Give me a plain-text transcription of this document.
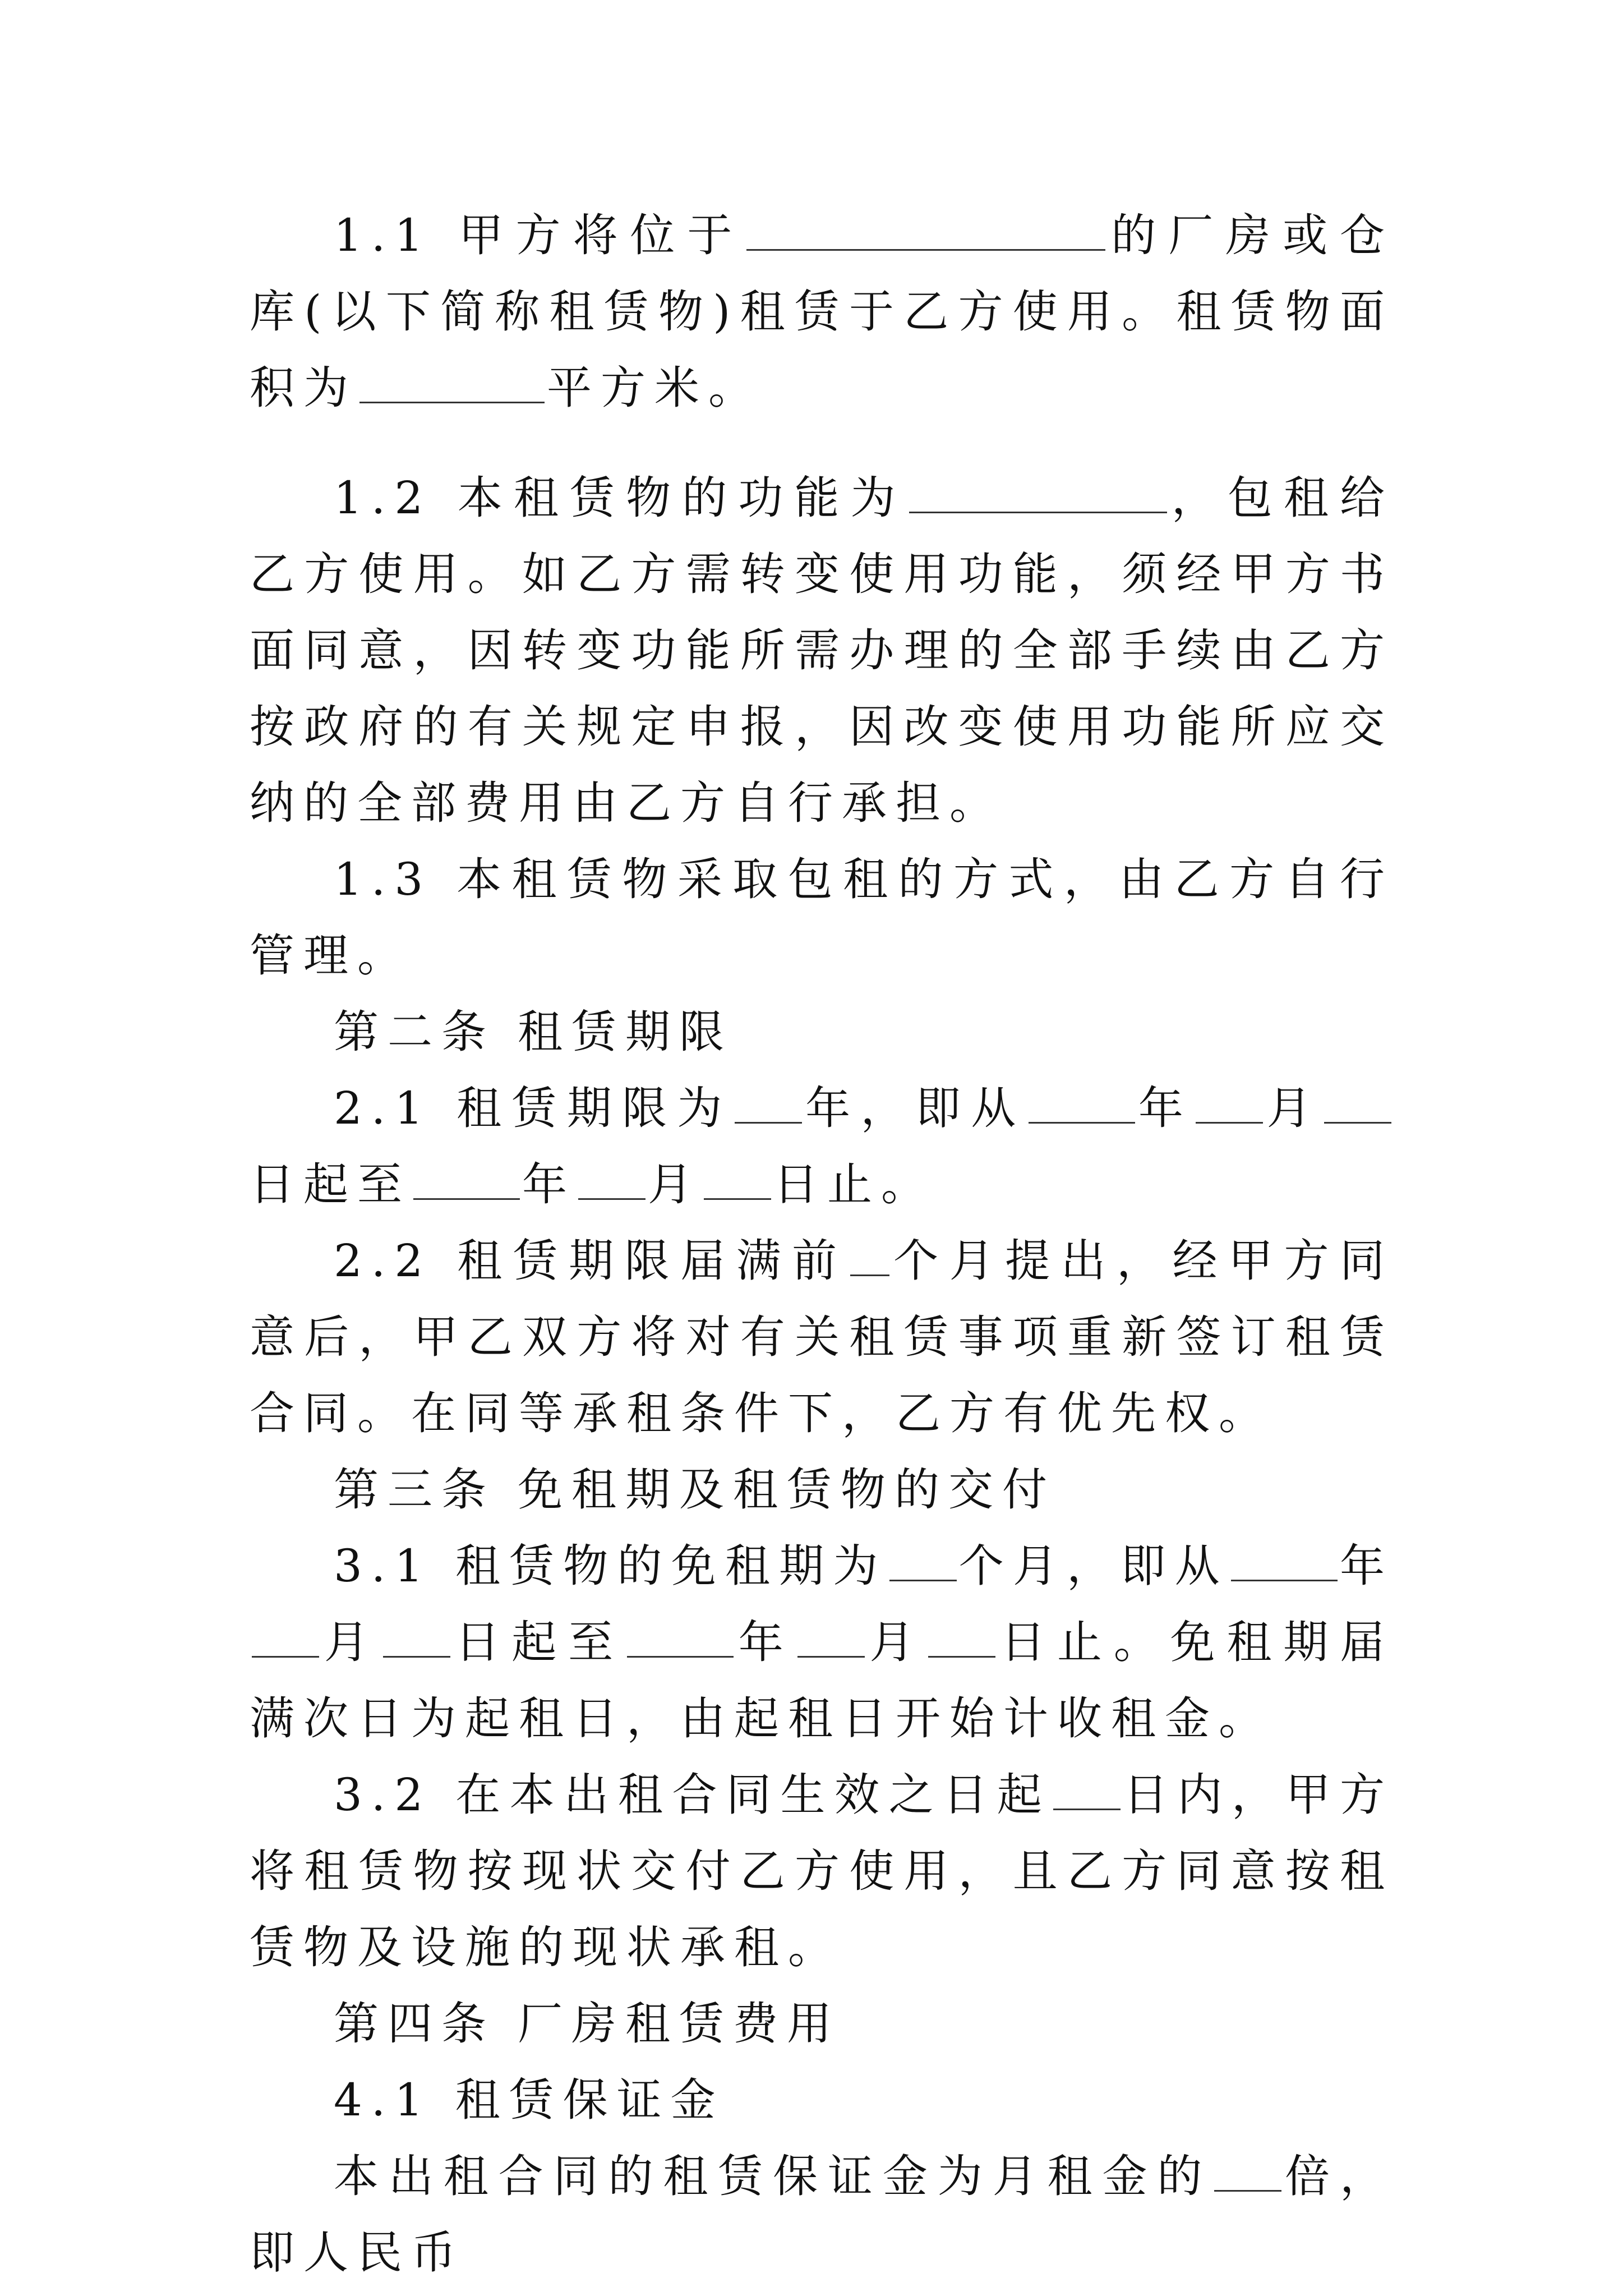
1.1 甲方将位于	的厂房或仓库(以下简称租赁物)租赁于乙方使用。租赁物面积为	平方米。

1.2 本租赁物的功能为	，包租给乙方使用。如乙方需转变使用功能，须经甲方书面同意，因转变功能所需办理的全部手续由乙方按政府的有关规定申报，因改变使用功能所应交纳的全部费用由乙方自行承担。

1.3 本租赁物采取包租的方式，由乙方自行管理。

第二条 租赁期限

2.1 租赁期限为 年，即从 年 月日起至 年 月 日止。

2.2 租赁期限届满前 个月提出，经甲方同意后，甲乙双方将对有关租赁事项重新签订租赁合同。在同等承租条件下，乙方有优先权。

第三条 免租期及租赁物的交付

3.1 租赁物的免租期为 个月，即从 年月 日起至 年 月 日止。免租期届满次日为起租日，由起租日开始计收租金。

3.2 在本出租合同生效之日起 日内，甲方将租赁物按现状交付乙方使用，且乙方同意按租赁物及设施的现状承租。

第四条 厂房租赁费用

4.1 租赁保证金

本出租合同的租赁保证金为月租金的 倍，即人民币
